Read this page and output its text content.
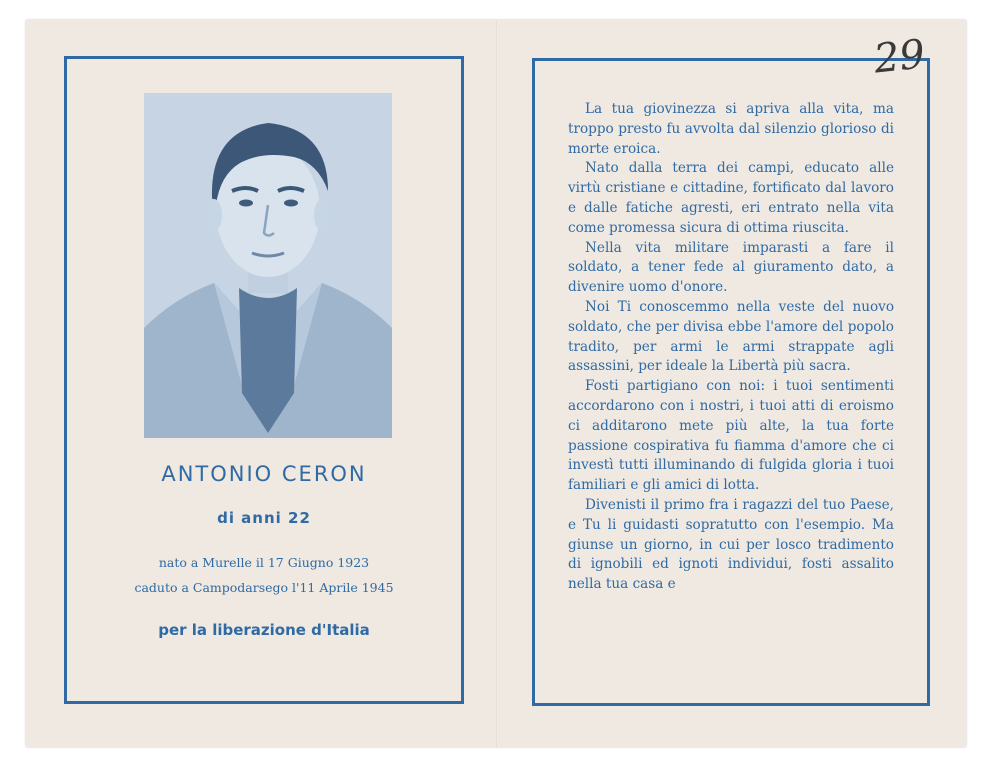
ANTONIO CERON
di anni 22
nato a Murelle il 17 Giugno 1923
caduto a Campodarsego l'11 Aprile 1945
per la liberazione d'Italia

La tua giovinezza si apriva alla vita, ma troppo presto fu avvolta dal silenzio glorioso di morte eroica.

Nato dalla terra dei campi, educato alle virtù cristiane e cittadine, fortificato dal lavoro e dalle fatiche agresti, eri entrato nella vita come promessa sicura di ottima riuscita.

Nella vita militare imparasti a fare il soldato, a tener fede al giuramento dato, a divenire uomo d'onore.

Noi Ti conoscemmo nella veste del nuovo soldato, che per divisa ebbe l'amore del popolo tradito, per armi le armi strappate agli assassini, per ideale la Libertà più sacra.

Fosti partigiano con noi: i tuoi sentimenti accordarono con i nostri, i tuoi atti di eroismo ci additarono mete più alte, la tua forte passione cospirativa fu fiamma d'amore che ci investì tutti illuminando di fulgida gloria i tuoi familiari e gli amici di lotta.

Divenisti il primo fra i ragazzi del tuo Paese, e Tu li guidasti sopratutto con l'esempio. Ma giunse un giorno, in cui per losco tradimento di ignobili ed ignoti individui, fosti assalito nella tua casa e

29
